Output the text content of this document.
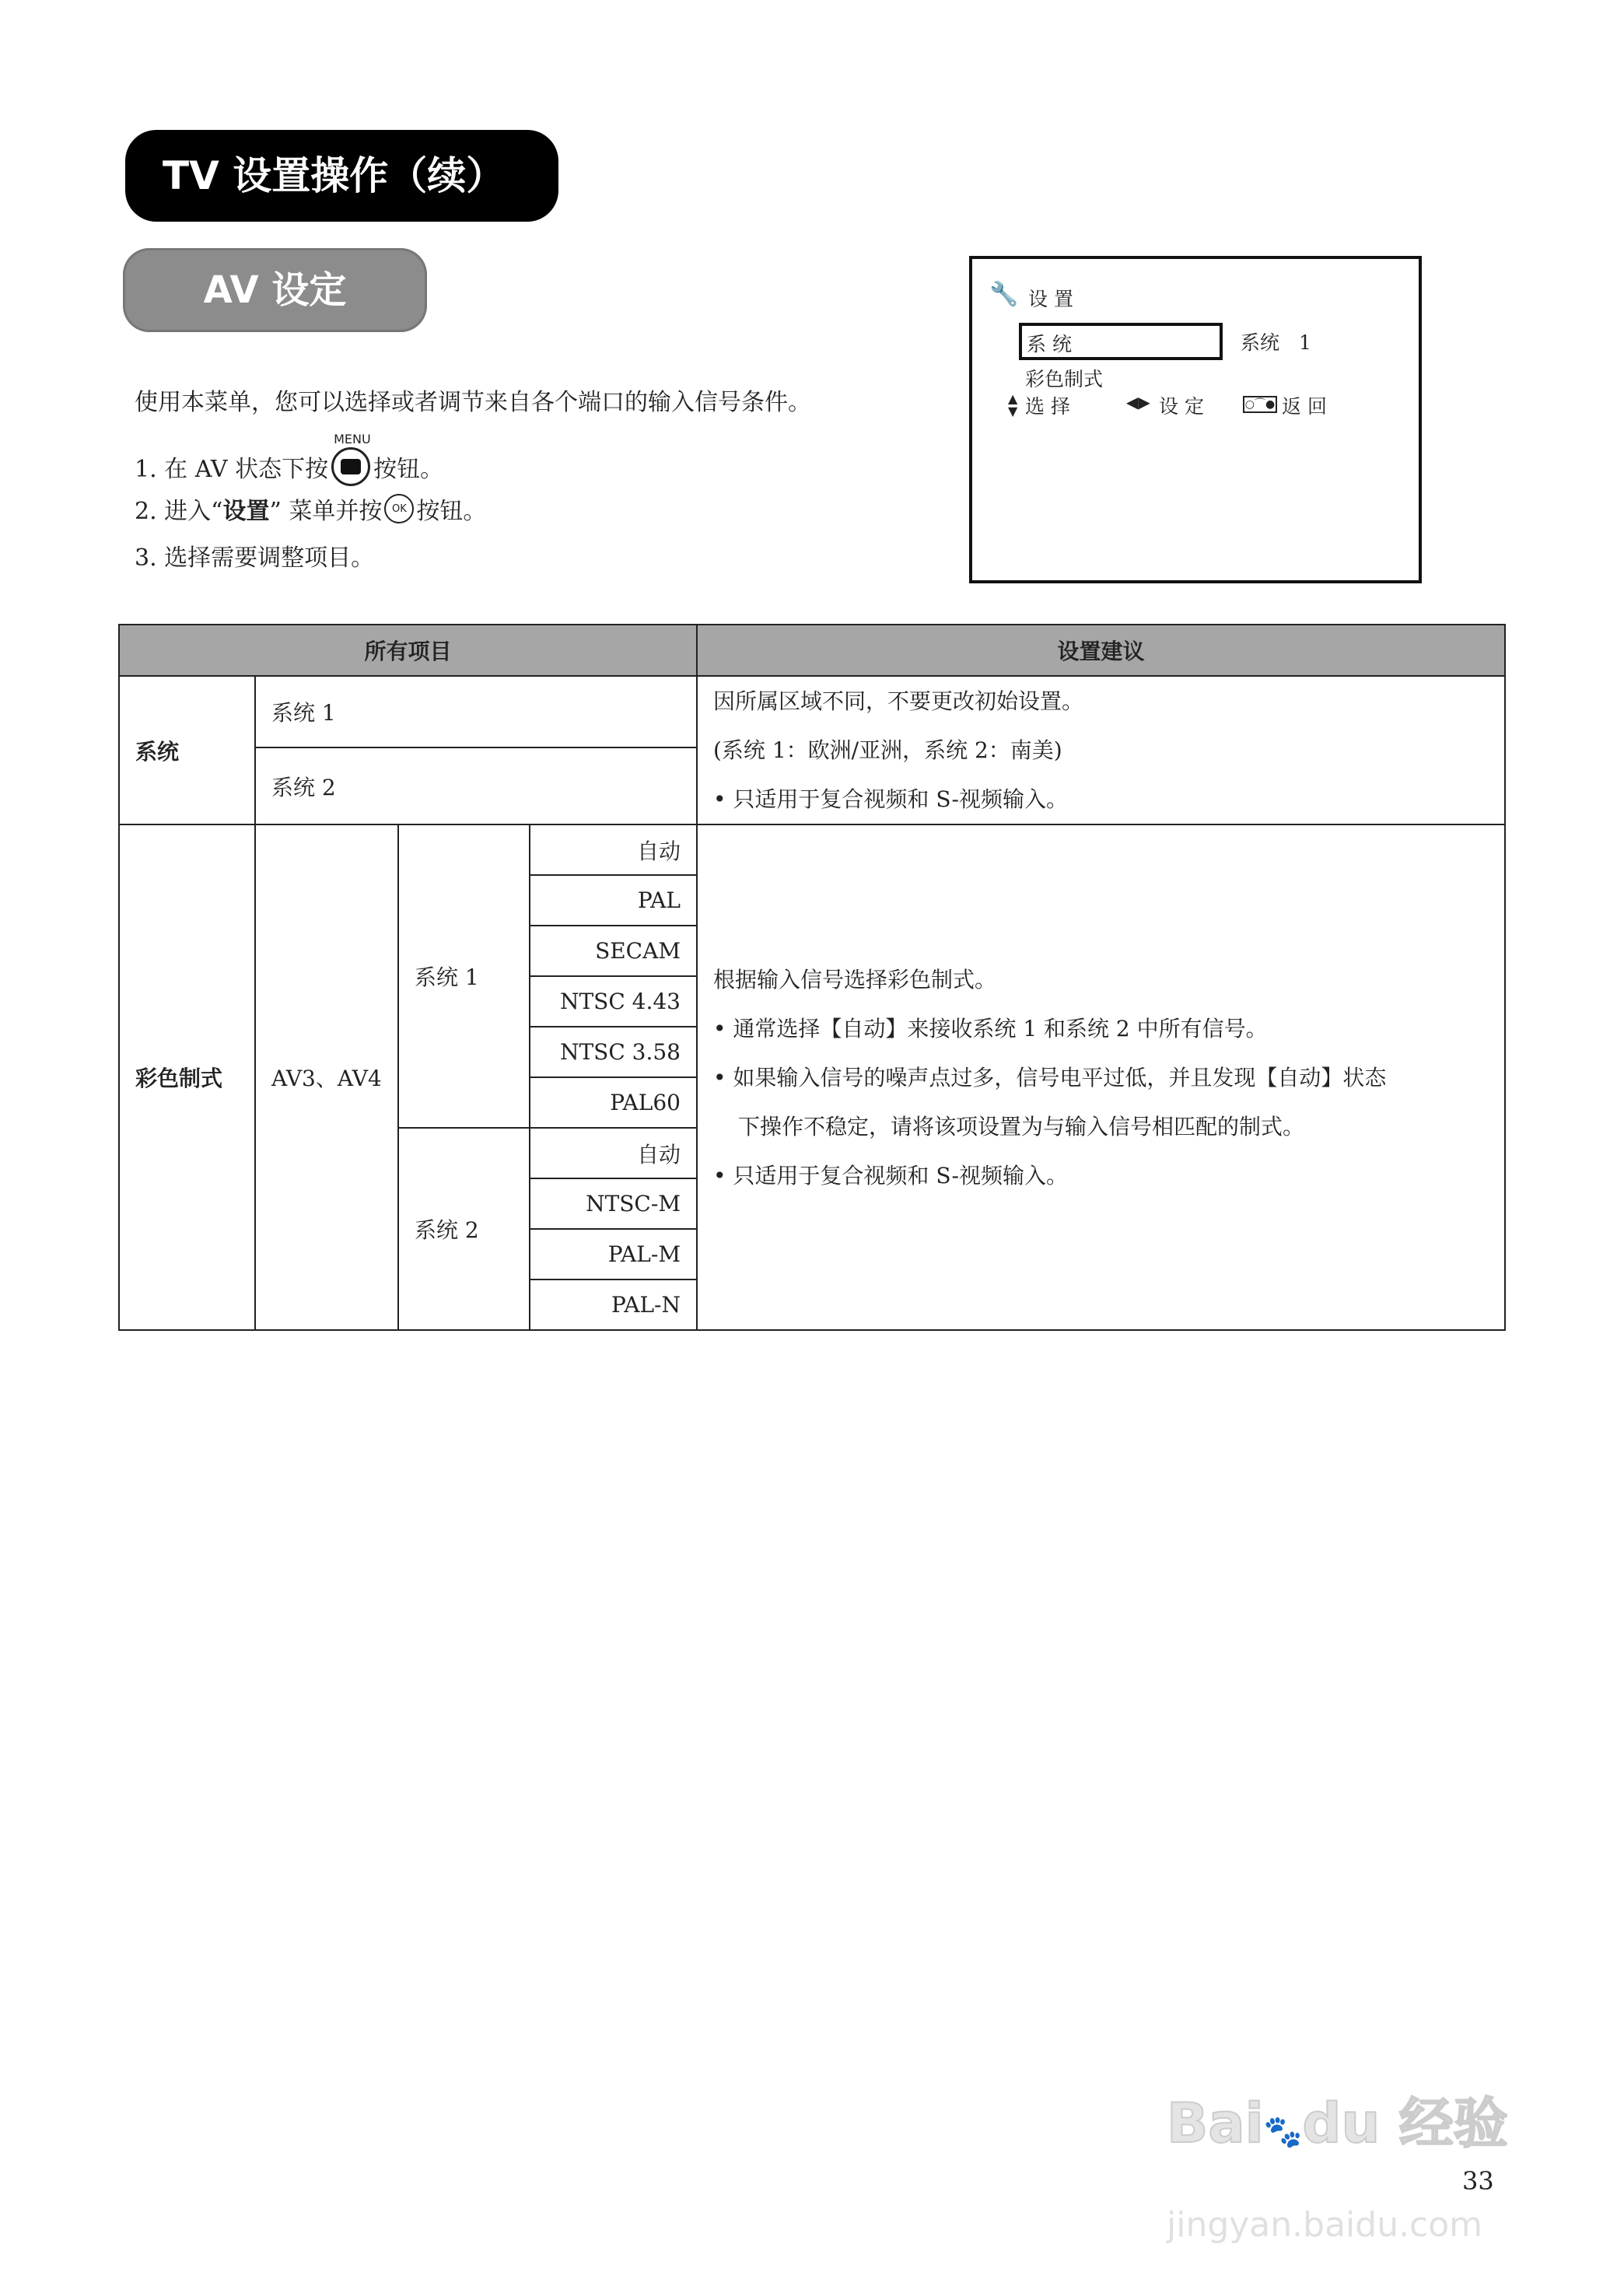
TV 设置操作（续）
AV 设定
使用本菜单，您可以选择或者调节来自各个端口的输入信号条件。
1. 在 AV 状态下按
MENU
按钮。
2. 进入“ 设置 ” 菜单并按 OK 按钮。
3. 选择需要调整项目。
🔧 设 置
系 统	系统　1
彩色制式
▲
▼ 选 择	◀▶ 设 定	○⌒● 返 回
所有项目				设置建议
系统	系统 1			因所属区域不同，不要更改初始设置。

(系统 1：欧洲/亚洲，系统 2：南美)

• 只适用于复合视频和 S-视频输入。

	系统 2			
彩色制式	AV3、AV4	系统 1	自动	根据输入信号选择彩色制式。

• 通常选择【自动】来接收系统 1 和系统 2 中所有信号。

• 如果输入信号的噪声点过多，信号电平过低，并且发现【自动】状态

下操作不稳定，请将该项设置为与输入信号相匹配的制式。

• 只适用于复合视频和 S-视频输入。

			PAL	
			SECAM	
			NTSC 4.43	
			NTSC 3.58	
			PAL60	
		系统 2	自动	
			NTSC-M	
			PAL-M	
			PAL-N	
Bai🐾du 经验
33
jingyan.baidu.com
